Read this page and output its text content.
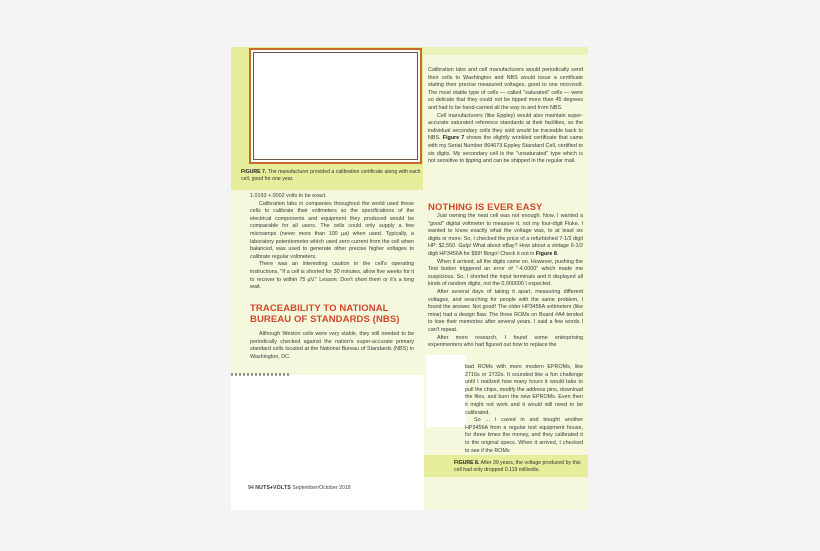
FIGURE 7. The manufacturer provided a calibration certificate along with each cell, good for one year.

Calibration labs and cell manufacturers would periodically send their cells to Washington and NBS would issue a certificate stating their precise measured voltages, good to one microvolt. The most stable type of cells — called "saturated" cells — were so delicate that they could not be tipped more than 45 degrees and had to be hand-carried all the way to and from NBS.

Cell manufacturers (like Eppley) would also maintain super-accurate saturated reference standards at their facilities, so the individual secondary cells they sold would be traceable back to NBS. Figure 7 shows the slightly wrinkled certificate that came with my Serial Number 864673 Eppley Standard Cell, certified to six digits. My secondary cell is the "unsaturated" type which is not sensitive to tipping and can be shipped in the regular mail.

1.0193 +.0002 volts to be exact.

Calibration labs in companies throughout the world used these cells to calibrate their voltmeters so the specifications of the electrical components and equipment they produced would be comparable for all users. The cells could only supply a few microamps (never more than 100 µa) when used. Typically, a laboratory potentiometer which used zero current from the cell when balanced, was used to generate other precise higher voltages to calibrate regular voltmeters.

There was an interesting caution in the cell's operating instructions, "If a cell is shorted for 30 minutes, allow five weeks for it to recover to within 75 µV." Lesson: Don't short them or it's a long wait.

TRACEABILITY TO NATIONAL BUREAU OF STANDARDS (NBS)

Although Weston cells were very stable, they still needed to be periodically checked against the nation's super-accurate primary standard cells located at the National Bureau of Standards (NBS) in Washington, DC.

NOTHING IS EVER EASY

Just owning the neat cell was not enough. Now, I wanted a "good" digital voltmeter to measure it, not my four-digit Fluke. I wanted to know exactly what the voltage was, to at least six digits or more. So, I checked the price of a refurbished 7-1/2 digit HP: $2,550. Gulp! What about eBay? How about a vintage 6-1/2 digit HP3456A for $99! Bingo! Check it out in Figure 8.

When it arrived, all the digits came on. However, pushing the Test button triggered an error of "-4.0000" which made me suspicious. So, I shorted the input terminals and it displayed all kinds of random digits, not the 0.000000 I expected.

After several days of taking it apart, measuring different voltages, and searching for people with the same problem, I found the answer. Not good! The older HP3456A voltmeters (like mine) had a design flaw. The three ROMs on Board #A4 tended to lose their memories after several years. I said a few words I can't repeat.

After more research, I found some enterprising experimenters who had figured out how to replace the

bad ROMs with more modern EPROMs, like 2716s or 2732s. It sounded like a fun challenge until I realized how many hours it would take to pull the chips, modify the address pins, download the files, and burn the new EPROMs. Even then it might not work and it would still need to be calibrated.

So ... I caved in and bought another HP3456A from a regular test equipment house, for three times the money, and they calibrated it to the original specs. When it arrived, I checked to see if the ROMs

FIGURE 8. After 39 years, the voltage produced by this cell had only dropped 0.119 millivolts.
94 NUTS♦VOLTS September/October 2018
